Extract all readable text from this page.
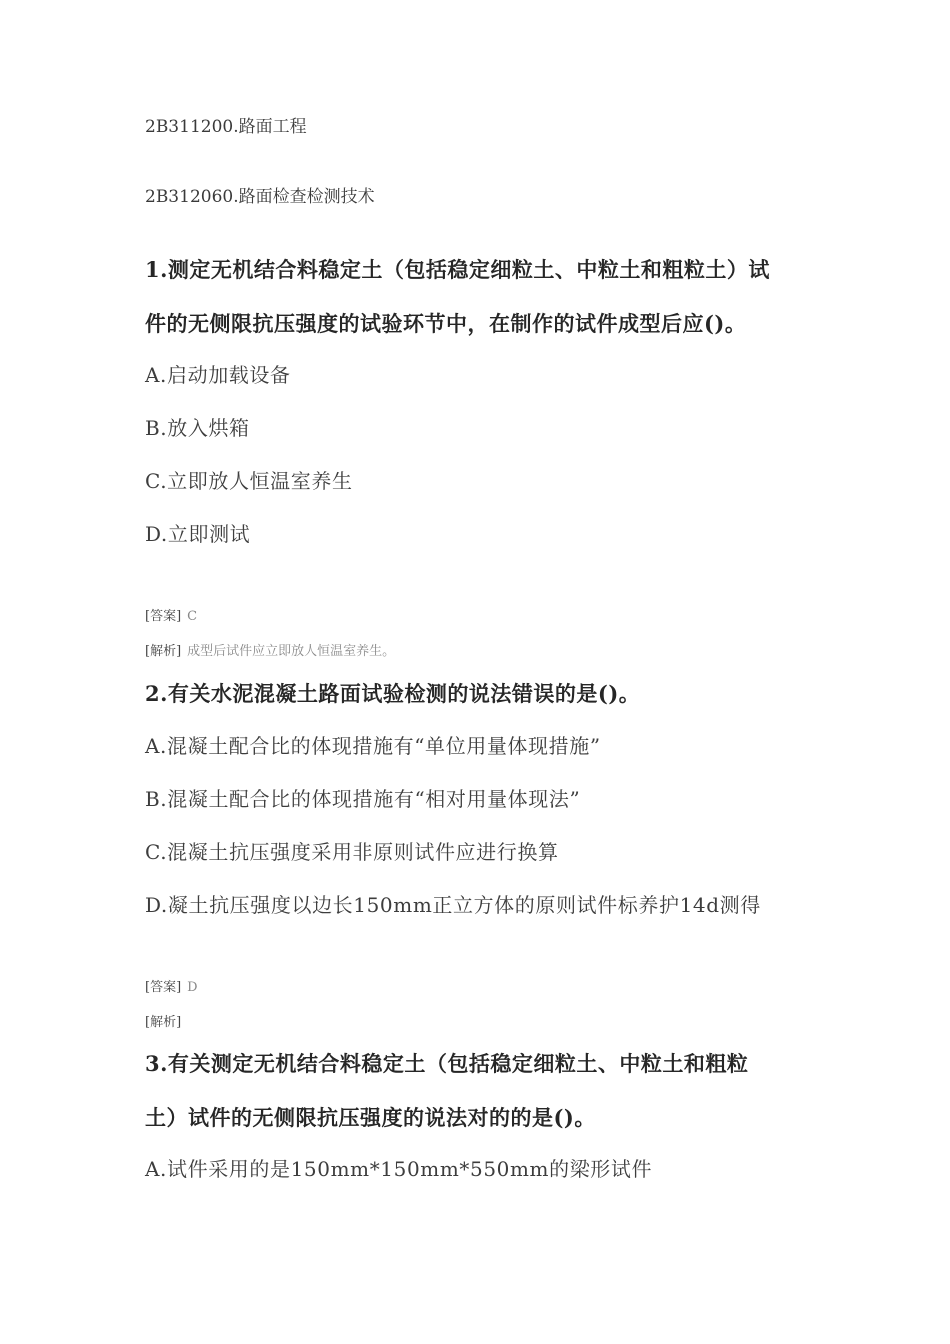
2B311200.路面工程
2B312060.路面检查检测技术
1.测定无机结合料稳定土（包括稳定细粒土、中粒土和粗粒土）试
件的无侧限抗压强度的试验环节中，在制作的试件成型后应()。
A.启动加载设备
B.放入烘箱
C.立即放人恒温室养生
D.立即测试
[答案] C
[解析] 成型后试件应立即放人恒温室养生。
2.有关水泥混凝土路面试验检测的说法错误的是()。
A.混凝土配合比的体现措施有“单位用量体现措施”
B.混凝土配合比的体现措施有“相对用量体现法”
C.混凝土抗压强度采用非原则试件应进行换算
D.凝土抗压强度以边长150mm正立方体的原则试件标养护14d测得
[答案] D
[解析]
3.有关测定无机结合料稳定土（包括稳定细粒土、中粒土和粗粒
土）试件的无侧限抗压强度的说法对的的是()。
A.试件采用的是150mm*150mm*550mm的梁形试件
